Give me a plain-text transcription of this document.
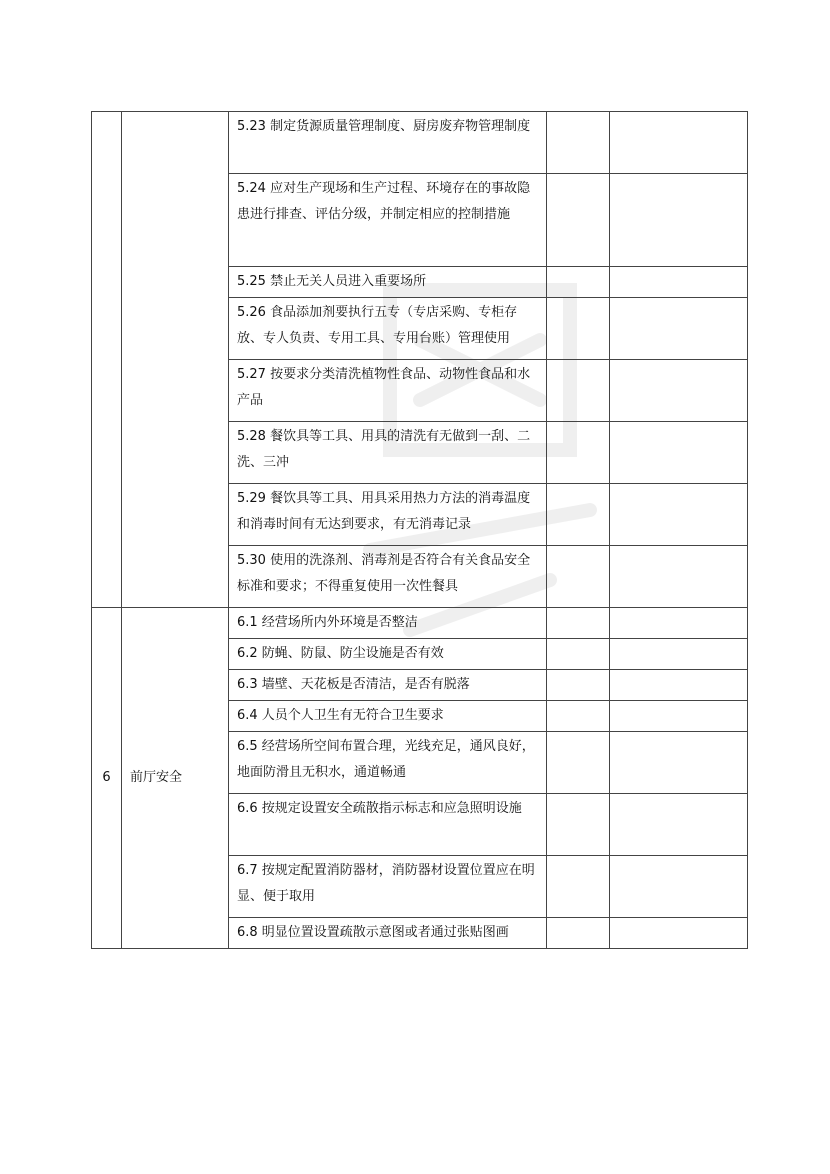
		5.23 制定货源质量管理制度、厨房废弃物管理制度		
		5.24 应对生产现场和生产过程、环境存在的事故隐患进行排查、评估分级，并制定相应的控制措施		
		5.25 禁止无关人员进入重要场所		
		5.26 食品添加剂要执行五专（专店采购、专柜存放、专人负责、专用工具、专用台账）管理使用		
		5.27 按要求分类清洗植物性食品、动物性食品和水产品		
		5.28 餐饮具等工具、用具的清洗有无做到一刮、二洗、三冲		
		5.29 餐饮具等工具、用具采用热力方法的消毒温度和消毒时间有无达到要求，有无消毒记录		
		5.30 使用的洗涤剂、消毒剂是否符合有关食品安全标准和要求；不得重复使用一次性餐具		
6	前厅安全	6.1 经营场所内外环境是否整洁		
		6.2 防蝇、防鼠、防尘设施是否有效		
		6.3 墙壁、天花板是否清洁，是否有脱落		
		6.4 人员个人卫生有无符合卫生要求		
		6.5 经营场所空间布置合理，光线充足，通风良好，地面防滑且无积水，通道畅通		
		6.6 按规定设置安全疏散指示标志和应急照明设施		
		6.7 按规定配置消防器材，消防器材设置位置应在明显、便于取用		
		6.8 明显位置设置疏散示意图或者通过张贴图画		
